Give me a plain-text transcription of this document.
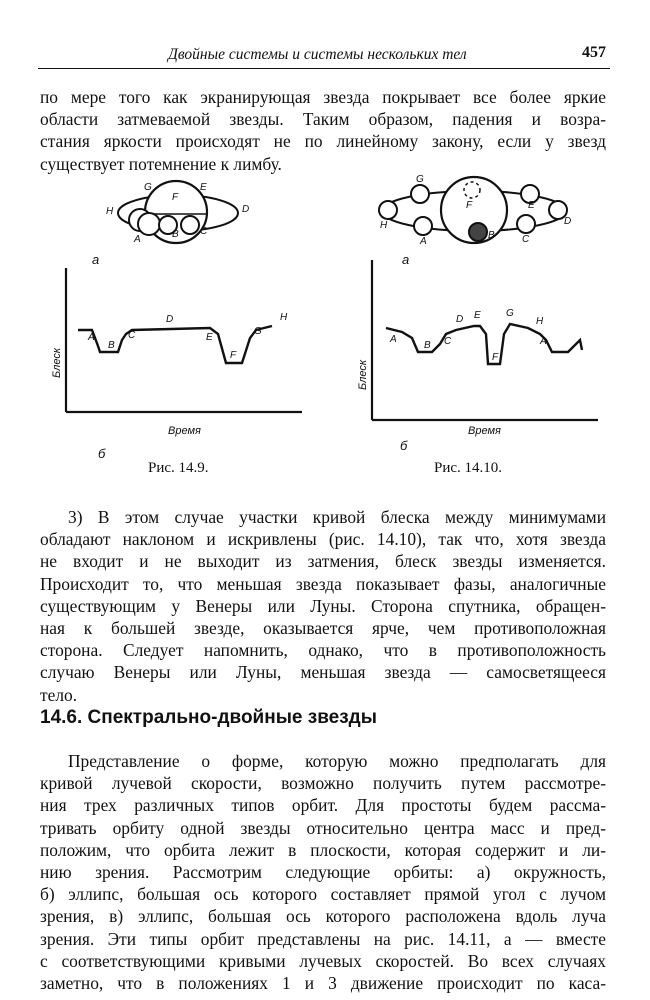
Двойные системы и системы нескольких тел	457
по мере того как экранирующая звезда покрывает все более яркие
области затмеваемой звезды. Таким образом, падения и возра-
стания яркости происходят не по линейному закону, если у звезд
существует потемнение к лимбу.
G	E
F
D
H
A	B C
а
Блеск
Время
б
A
B
C
D
E
F
G
H
G
F	E
D
H
A
B	C
а
Блеск
Время
б
A
B C
D E
F
G
H
A
Рис. 14.9.	Рис. 14.10.
3) В этом случае участки кривой блеска между минимумами
обладают наклоном и искривлены (рис. 14.10), так что, хотя звезда
не входит и не выходит из затмения, блеск звезды изменяется.
Происходит то, что меньшая звезда показывает фазы, аналогичные
существующим у Венеры или Луны. Сторона спутника, обращен-
ная к большей звезде, оказывается ярче, чем противоположная
сторона. Следует напомнить, однако, что в противоположность
случаю Венеры или Луны, меньшая звезда — самосветящееся
тело.
14.6. Спектрально-двойные звезды
Представление о форме, которую можно предполагать для
кривой лучевой скорости, возможно получить путем рассмотре-
ния трех различных типов орбит. Для простоты будем рассма-
тривать орбиту одной звезды относительно центра масс и пред-
положим, что орбита лежит в плоскости, которая содержит и ли-
нию зрения. Рассмотрим следующие орбиты: а) окружность,
б) эллипс, большая ось которого составляет прямой угол с лучом
зрения, в) эллипс, большая ось которого расположена вдоль луча
зрения. Эти типы орбит представлены на рис. 14.11, а — вместе
с соответствующими кривыми лучевых скоростей. Во всех случаях
заметно, что в положениях 1 и 3 движение происходит по каса-
